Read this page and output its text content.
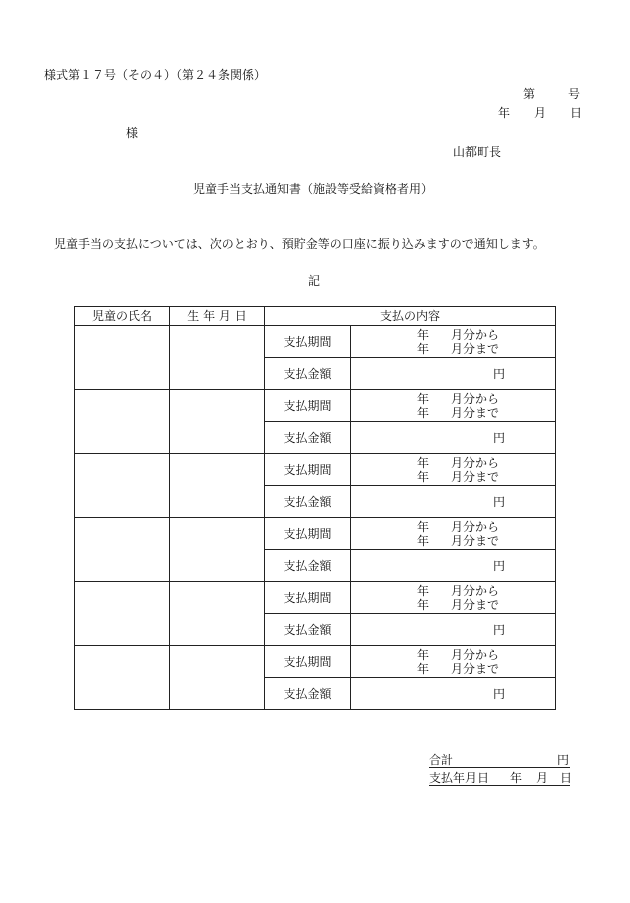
様式第１７号（その４）（第２４条関係）
第	号
年 月 日
様
山都町長
児童手当支払通知書（施設等受給資格者用）
児童手当の支払については、次のとおり、預貯金等の口座に振り込みますので通知します。
記
児童の氏名	生 年 月 日	支払の内容	
		支払期間	年 月分から
年 月分まで

		支払金額	円
		支払期間	年 月分から
年 月分まで

		支払金額	円
		支払期間	年 月分から
年 月分まで

		支払金額	円
		支払期間	年 月分から
年 月分まで

		支払金額	円
		支払期間	年 月分から
年 月分まで

		支払金額	円
		支払期間	年 月分から
年 月分まで

		支払金額	円
合計	円
支払年月日 年 月 日
